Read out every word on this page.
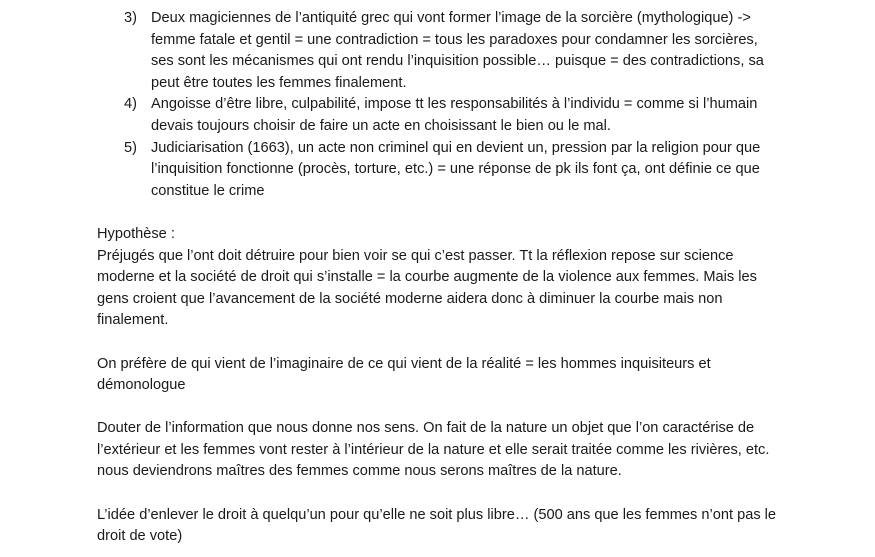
3) Deux magiciennes de l’antiquité grec qui vont former l’image de la sorcière (mythologique) -> femme fatale et gentil = une contradiction = tous les paradoxes pour condamner les sorcières, ses sont les mécanismes qui ont rendu l’inquisition possible… puisque = des contradictions, sa peut être toutes les femmes finalement.
4) Angoisse d’être libre, culpabilité, impose tt les responsabilités à l’individu = comme si l’humain devais toujours choisir de faire un acte en choisissant le bien ou le mal.
5) Judiciarisation (1663), un acte non criminel qui en devient un, pression par la religion pour que l’inquisition fonctionne (procès, torture, etc.) = une réponse de pk ils font ça, ont définie ce que constitue le crime

Hypothèse :

Préjugés que l’ont doit détruire pour bien voir se qui c’est passer. Tt la réflexion repose sur science moderne et la société de droit qui s’installe = la courbe augmente de la violence aux femmes. Mais les gens croient que l’avancement de la société moderne aidera donc à diminuer la courbe mais non finalement.

On préfère de qui vient de l’imaginaire de ce qui vient de la réalité = les hommes inquisiteurs et démonologue

Douter de l’information que nous donne nos sens. On fait de la nature un objet que l’on caractérise de l’extérieur et les femmes vont rester à l’intérieur de la nature et elle serait traitée comme les rivières, etc. nous deviendrons maîtres des femmes comme nous serons maîtres de la nature.

L’idée d’enlever le droit à quelqu’un pour qu’elle ne soit plus libre… (500 ans que les femmes n’ont pas le droit de vote)
